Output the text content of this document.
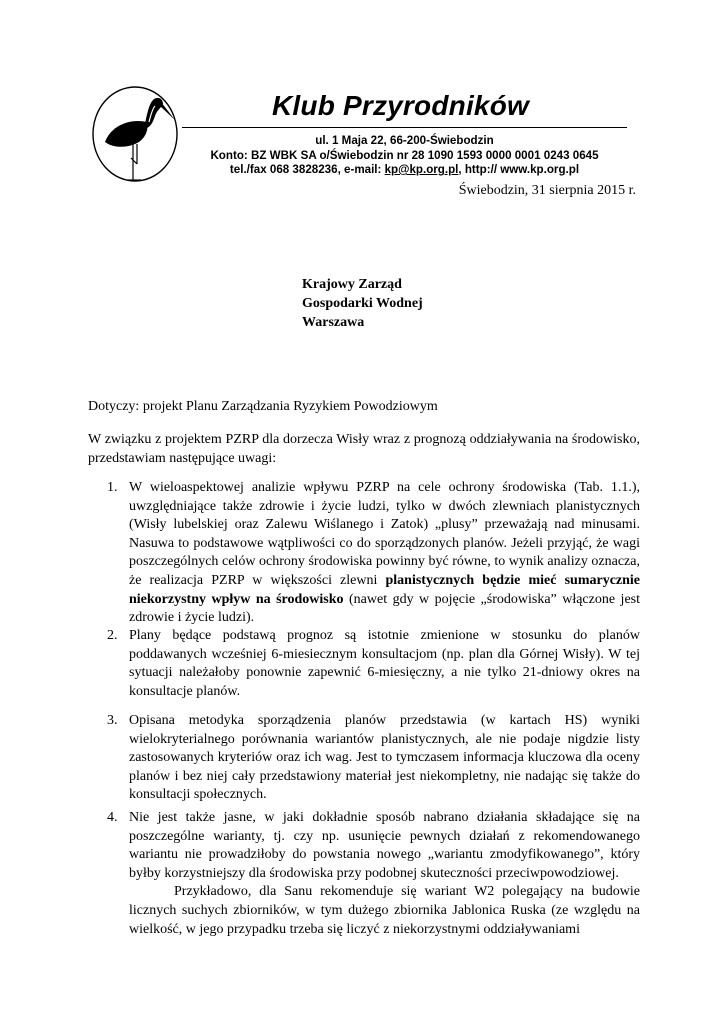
Klub Przyrodników
ul. 1 Maja 22, 66-200-Świebodzin
Konto: BZ WBK SA o/Świebodzin nr 28 1090 1593 0000 0001 0243 0645
tel./fax 068 3828236, e-mail: kp@kp.org.pl, http:// www.kp.org.pl
Świebodzin, 31 sierpnia 2015 r.
Krajowy Zarząd
Gospodarki Wodnej
Warszawa
Dotyczy: projekt Planu Zarządzania Ryzykiem Powodziowym
W związku z projektem PZRP dla dorzecza Wisły wraz z prognozą oddziaływania na środowisko, przedstawiam następujące uwagi:
1. W wieloaspektowej analizie wpływu PZRP na cele ochrony środowiska (Tab. 1.1.), uwzględniające także zdrowie i życie ludzi, tylko w dwóch zlewniach planistycznych (Wisły lubelskiej oraz Zalewu Wiślanego i Zatok) „plusy” przeważają nad minusami. Nasuwa to podstawowe wątpliwości co do sporządzonych planów. Jeżeli przyjąć, że wagi poszczególnych celów ochrony środowiska powinny być równe, to wynik analizy oznacza, że realizacja PZRP w większości zlewni planistycznych będzie mieć sumarycznie niekorzystny wpływ na środowisko (nawet gdy w pojęcie „środowiska” włączone jest zdrowie i życie ludzi).

2. Plany będące podstawą prognoz są istotnie zmienione w stosunku do planów poddawanych wcześniej 6-miesiecznym konsultacjom (np. plan dla Górnej Wisły). W tej sytuacji należałoby ponownie zapewnić 6-miesięczny, a nie tylko 21-dniowy okres na konsultacje planów.

3. Opisana metodyka sporządzenia planów przedstawia (w kartach HS) wyniki wielokryterialnego porównania wariantów planistycznych, ale nie podaje nigdzie listy zastosowanych kryteriów oraz ich wag. Jest to tymczasem informacja kluczowa dla oceny planów i bez niej cały przedstawiony materiał jest niekompletny, nie nadając się także do konsultacji społecznych.

4. Nie jest także jasne, w jaki dokładnie sposób nabrano działania składające się na poszczególne warianty, tj. czy np. usunięcie pewnych działań z rekomendowanego wariantu nie prowadziłoby do powstania nowego „wariantu zmodyfikowanego”, który byłby korzystniejszy dla środowiska przy podobnej skuteczności przeciwpowodziowej.

Przykładowo, dla Sanu rekomenduje się wariant W2 polegający na budowie licznych suchych zbiorników, w tym dużego zbiornika Jablonica Ruska (ze względu na wielkość, w jego przypadku trzeba się liczyć z niekorzystnymi oddziaływaniami
